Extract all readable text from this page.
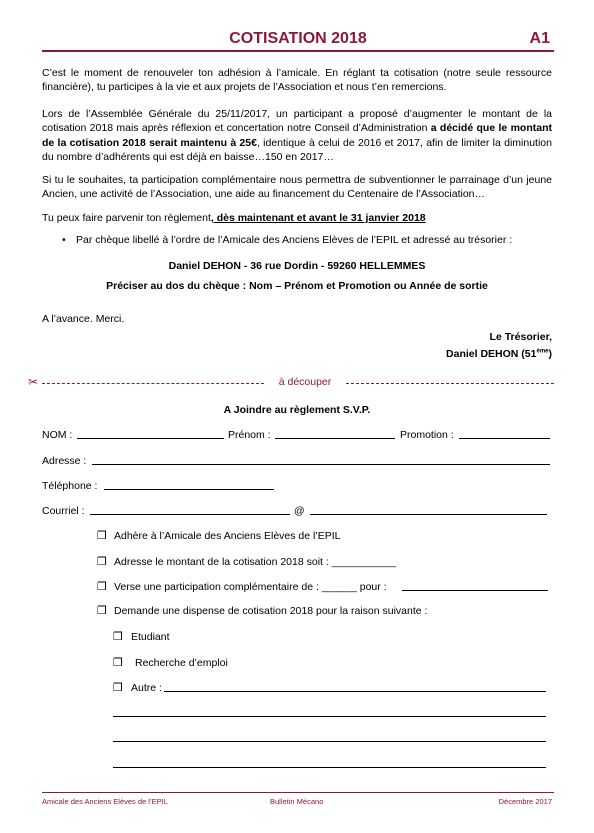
COTISATION 2018	A1
C’est le moment de renouveler ton adhésion à l’amicale. En réglant ta cotisation (notre seule ressource financière), tu participes à la vie et aux projets de l’Association et nous t’en remercions.
Lors de l’Assemblée Générale du 25/11/2017, un participant a proposé d’augmenter le montant de la cotisation 2018 mais après réflexion et concertation notre Conseil d’Administration a décidé que le montant de la cotisation 2018 serait maintenu à 25€, identique à celui de 2016 et 2017, afin de limiter la diminution du nombre d’adhérents qui est déjà en baisse…150 en 2017…
Si tu le souhaites, ta participation complémentaire nous permettra de subventionner le parrainage d’un jeune Ancien, une activité de l’Association, une aide au financement du Centenaire de l’Association…
Tu peux faire parvenir ton règlement, dès maintenant et avant le 31 janvier 2018
• Par chèque libellé à l’ordre de l’Amicale des Anciens Elèves de l’EPIL et adressé au trésorier :
Daniel DEHON - 36 rue Dordin - 59260 HELLEMMES
Préciser au dos du chèque : Nom – Prénom et Promotion ou Année de sortie
A l’avance. Merci.
Le Trésorier,
Daniel DEHON (51ème)
✂	à découper
A Joindre au règlement S.V.P.
NOM :	Prénom :	Promotion :
Adresse :
Téléphone :
Courriel :	@
❒ Adhère à l’Amicale des Anciens Elèves de l’EPIL
❒ Adresse le montant de la cotisation 2018 soit : ___________
❒ Verse une participation complémentaire de : ______ pour :
❒ Demande une dispense de cotisation 2018 pour la raison suivante :
❒ Etudiant
❒ Recherche d’emploi
❒ Autre :
Amicale des Anciens Elèves de l’EPIL	Bulletin Mécano	Décembre 2017
